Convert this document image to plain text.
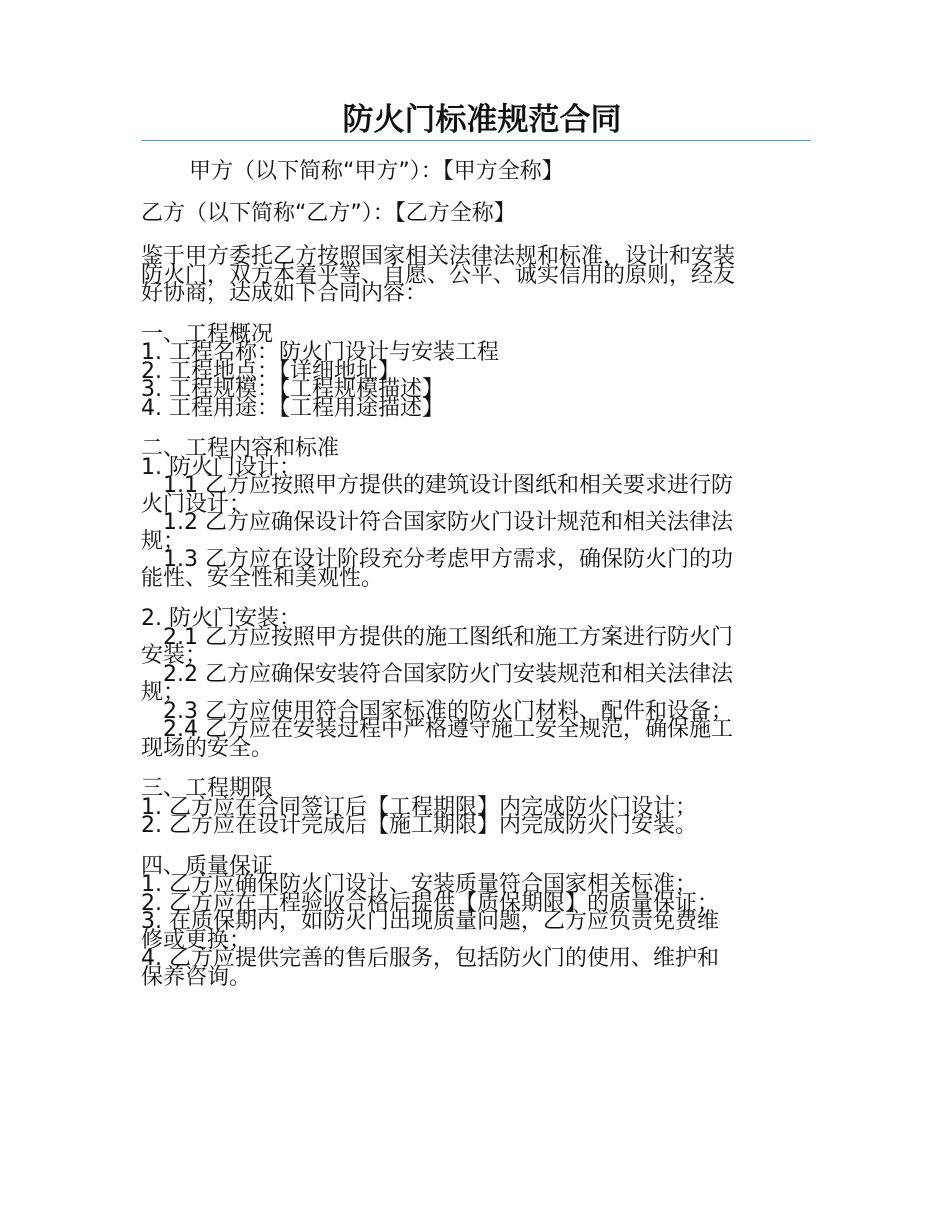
防火门标准规范合同

甲方（以下简称“甲方”）：【甲方全称】

乙方（以下简称“乙方”）：【乙方全称】

鉴于甲方委托乙方按照国家相关法律法规和标准，设计和安装
防火门，双方本着平等、自愿、公平、诚实信用的原则，经友
好协商，达成如下合同内容：
一、工程概况
1. 工程名称：防火门设计与安装工程
2. 工程地点：【详细地址】
3. 工程规模：【工程规模描述】
4. 工程用途：【工程用途描述】
二、工程内容和标准
1. 防火门设计：
1.1 乙方应按照甲方提供的建筑设计图纸和相关要求进行防
火门设计；
1.2 乙方应确保设计符合国家防火门设计规范和相关法律法
规；
1.3 乙方应在设计阶段充分考虑甲方需求，确保防火门的功
能性、安全性和美观性。
2. 防火门安装：
2.1 乙方应按照甲方提供的施工图纸和施工方案进行防火门
安装；
2.2 乙方应确保安装符合国家防火门安装规范和相关法律法
规；
2.3 乙方应使用符合国家标准的防火门材料、配件和设备；
2.4 乙方应在安装过程中严格遵守施工安全规范，确保施工
现场的安全。
三、工程期限
1. 乙方应在合同签订后【工程期限】内完成防火门设计；
2. 乙方应在设计完成后【施工期限】内完成防火门安装。
四、质量保证
1. 乙方应确保防火门设计、安装质量符合国家相关标准；
2. 乙方应在工程验收合格后提供【质保期限】的质量保证；
3. 在质保期内，如防火门出现质量问题，乙方应负责免费维
修或更换；
4. 乙方应提供完善的售后服务，包括防火门的使用、维护和
保养咨询。
